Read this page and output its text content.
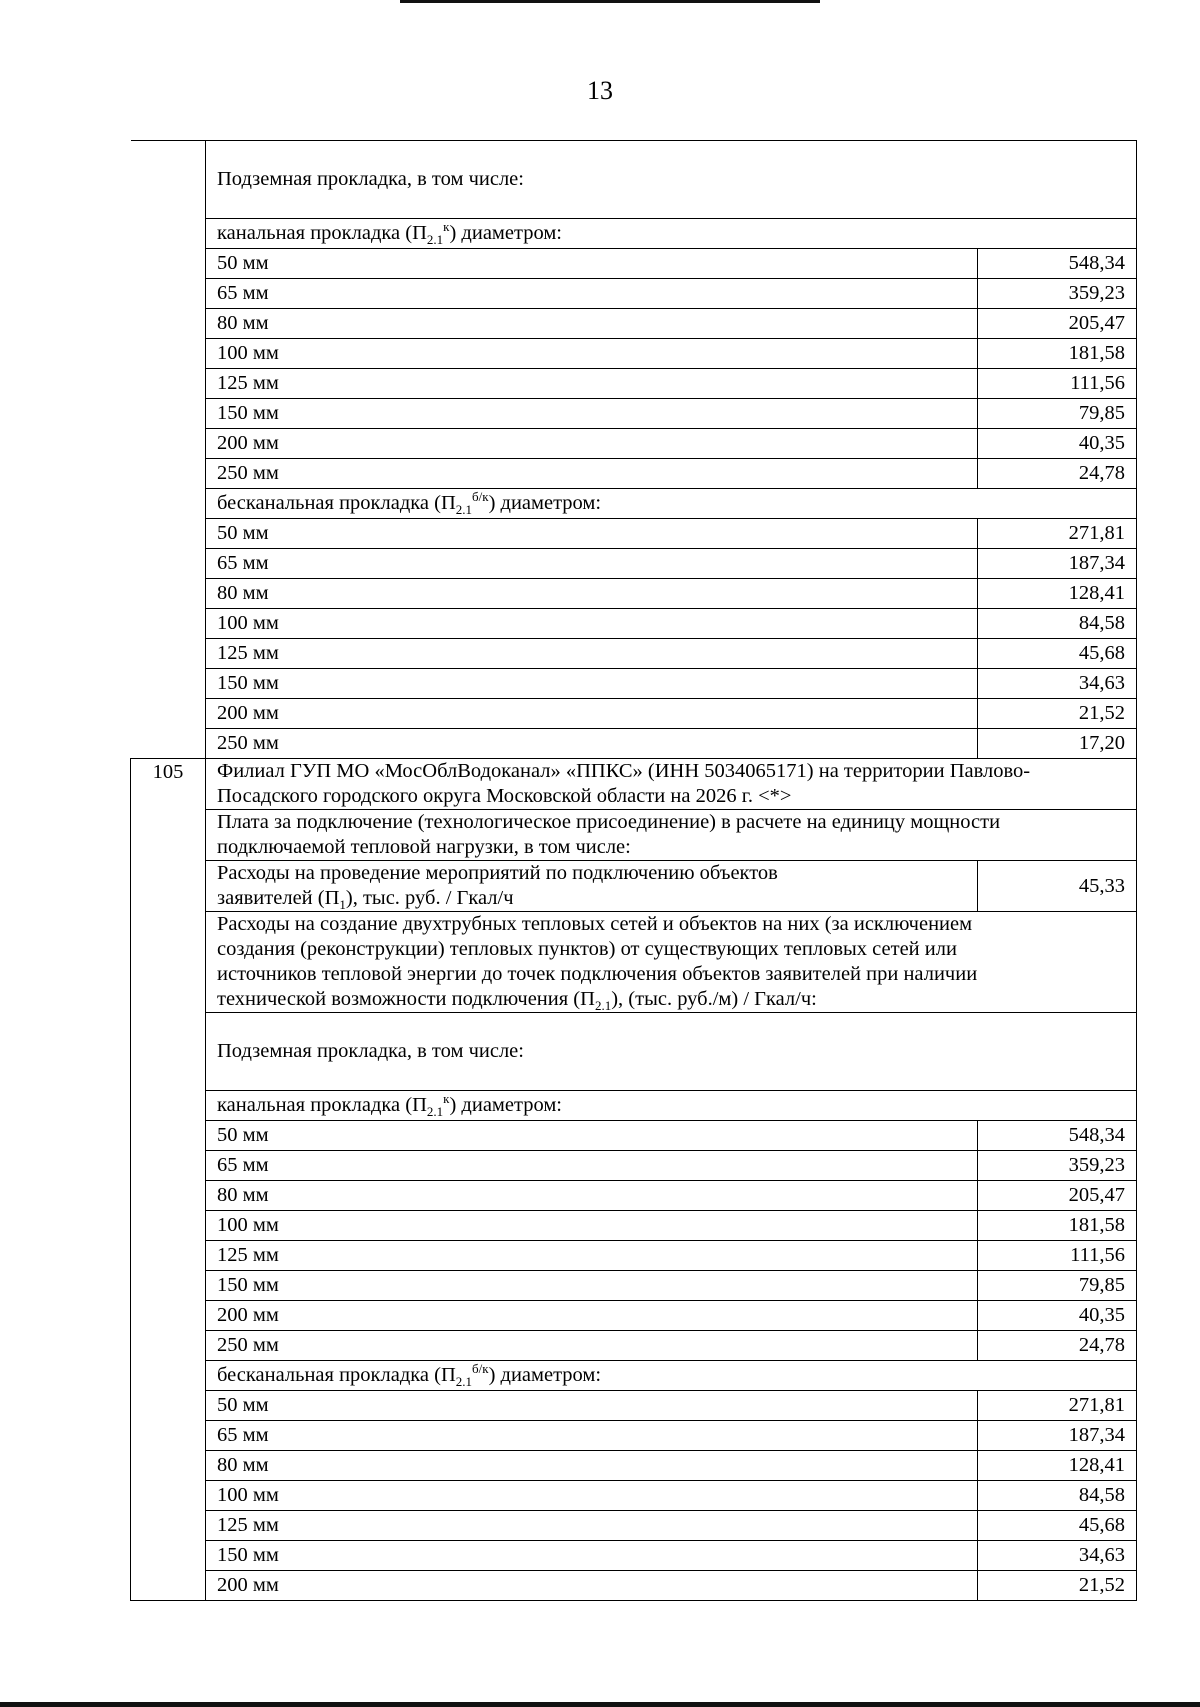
13
	Подземная прокладка, в том числе:	
	канальная прокладка $(П_{2.1}^к)$ диаметром:	
	50 мм	548,34
	65 мм	359,23
	80 мм	205,47
	100 мм	181,58
	125 мм	111,56
	150 мм	79,85
	200 мм	40,35
	250 мм	24,78
	бесканальная прокладка $(П_{2.1}^{б/к})$ диаметром:	
	50 мм	271,81
	65 мм	187,34
	80 мм	128,41
	100 мм	84,58
	125 мм	45,68
	150 мм	34,63
	200 мм	21,52
	250 мм	17,20
105	Филиал ГУП МО «МосОблВодоканал» «ППКС» (ИНН 5034065171) на территории Павлово-
Посадского городского округа Московской области на 2026 г. <*>	

	Плата за подключение (технологическое присоединение) в расчете на единицу мощности
подключаемой тепловой нагрузки, в том числе:	

	Расходы на проведение мероприятий по подключению объектов
заявителей $(П_1)$, тыс. руб. / Гкал/ч	45,33

	Расходы на создание двухтрубных тепловых сетей и объектов на них (за исключением
создания (реконструкции) тепловых пунктов) от существующих тепловых сетей или
источников тепловой энергии до точек подключения объектов заявителей при наличии
технической возможности подключения $(П_{2.1})$, (тыс. руб./м) / Гкал/ч:	

	Подземная прокладка, в том числе:	
	канальная прокладка $(П_{2.1}^к)$ диаметром:	
	50 мм	548,34
	65 мм	359,23
	80 мм	205,47
	100 мм	181,58
	125 мм	111,56
	150 мм	79,85
	200 мм	40,35
	250 мм	24,78
	бесканальная прокладка $(П_{2.1}^{б/к})$ диаметром:	
	50 мм	271,81
	65 мм	187,34
	80 мм	128,41
	100 мм	84,58
	125 мм	45,68
	150 мм	34,63
	200 мм	21,52
